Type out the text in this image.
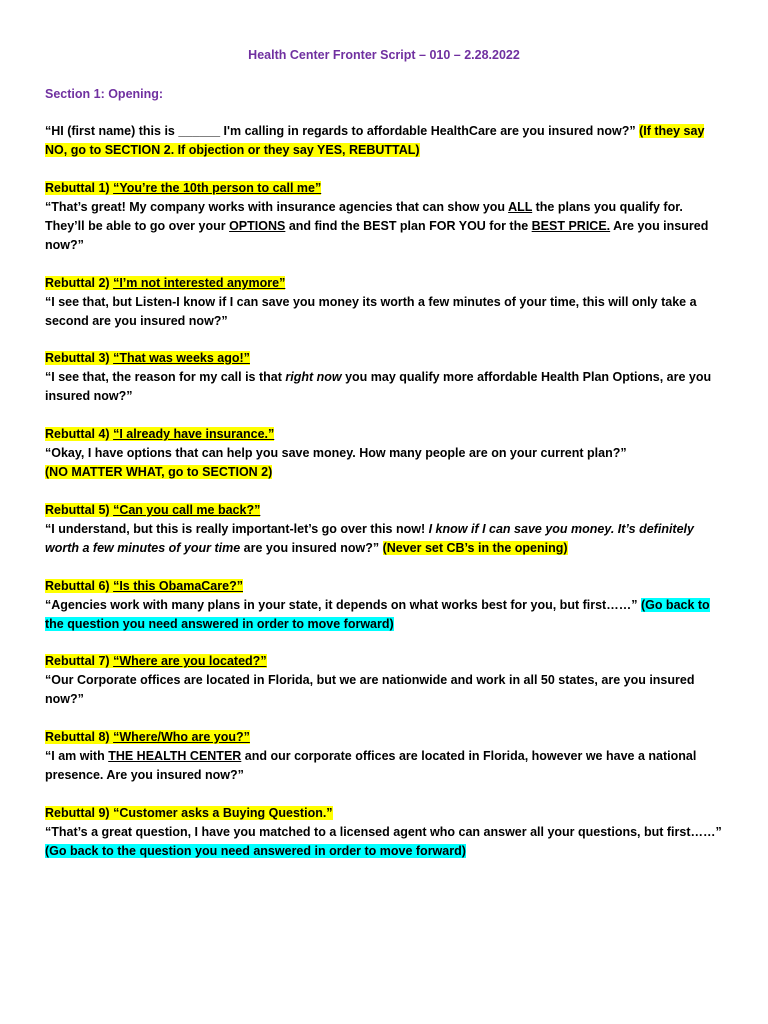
Health Center Fronter Script – 010 – 2.28.2022
Section 1: Opening:
“HI (first name) this is ______ I'm calling in regards to affordable HealthCare are you insured now?” (If they say NO, go to SECTION 2. If objection or they say YES, REBUTTAL)
Rebuttal 1) “You’re the 10th person to call me”
“That’s great! My company works with insurance agencies that can show you ALL the plans you qualify for. They’ll be able to go over your OPTIONS and find the BEST plan FOR YOU for the BEST PRICE. Are you insured now?”
Rebuttal 2) “I’m not interested anymore”
“I see that, but Listen-I know if I can save you money its worth a few minutes of your time, this will only take a second are you insured now?”
Rebuttal 3) “That was weeks ago!”
“I see that, the reason for my call is that right now you may qualify more affordable Health Plan Options, are you insured now?”
Rebuttal 4) “I already have insurance.”
“Okay, I have options that can help you save money. How many people are on your current plan?”
(NO MATTER WHAT, go to SECTION 2)
Rebuttal 5) “Can you call me back?”
“I understand, but this is really important-let’s go over this now! I know if I can save you money. It’s definitely worth a few minutes of your time are you insured now?” (Never set CB’s in the opening)
Rebuttal 6) “Is this ObamaCare?”
“Agencies work with many plans in your state, it depends on what works best for you, but first……” (Go back to the question you need answered in order to move forward)
Rebuttal 7) “Where are you located?”
“Our Corporate offices are located in Florida, but we are nationwide and work in all 50 states, are you insured now?”
Rebuttal 8) “Where/Who are you?”
“I am with THE HEALTH CENTER and our corporate offices are located in Florida, however we have a national presence. Are you insured now?”
Rebuttal 9) “Customer asks a Buying Question.”
“That’s a great question, I have you matched to a licensed agent who can answer all your questions, but first……” (Go back to the question you need answered in order to move forward)
